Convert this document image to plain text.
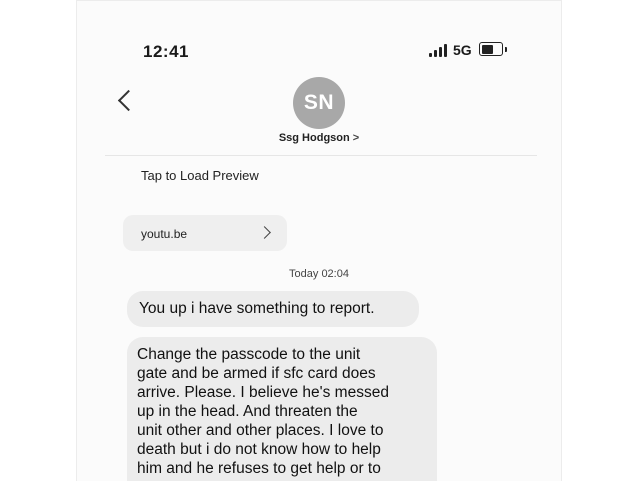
12:41	5G
SN
Ssg Hodgson >
Tap to Load Preview
youtu.be
Today 02:04
You up i have something to report.
Change the passcode to the unit
gate and be armed if sfc card does
arrive. Please. I believe he's messed
up in the head. And threaten the
unit other and other places. I love to
death but i do not know how to help
him and he refuses to get help or to
